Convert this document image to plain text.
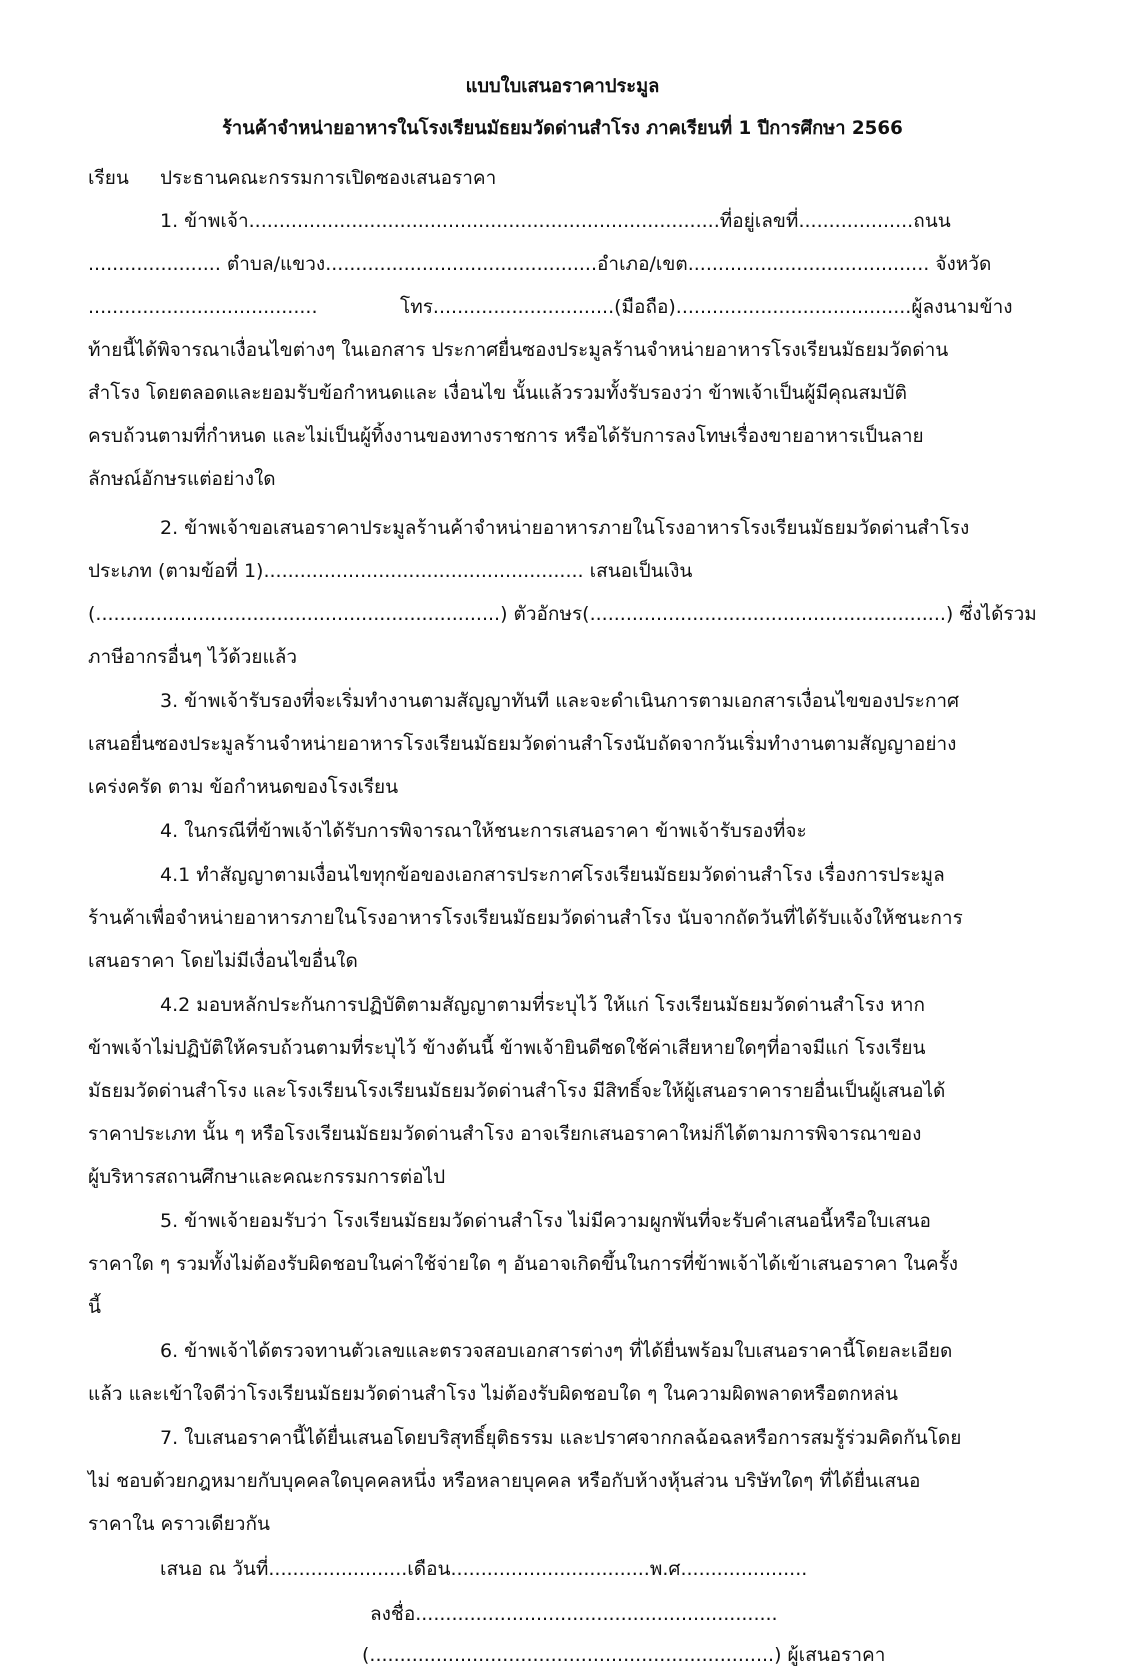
แบบใบเสนอราคาประมูล
ร้านค้าจำหน่ายอาหารในโรงเรียนมัธยมวัดด่านสำโรง ภาคเรียนที่ 1 ปีการศึกษา 2566
เรียน ประธานคณะกรรมการเปิดซองเสนอราคา
1. ข้าพเจ้า..............................................................................ที่อยู่เลขที่...................ถนน
...................... ตำบล/แขวง.............................................อำเภอ/เขต........................................ จังหวัด
......................................	โทร..............................(มือถือ).......................................ผู้ลงนามข้าง
ท้ายนี้ได้พิจารณาเงื่อนไขต่างๆ ในเอกสาร ประกาศยื่นซองประมูลร้านจำหน่ายอาหารโรงเรียนมัธยมวัดด่าน
สำโรง โดยตลอดและยอมรับข้อกำหนดและ เงื่อนไข นั้นแล้วรวมทั้งรับรองว่า ข้าพเจ้าเป็นผู้มีคุณสมบัติ
ครบถ้วนตามที่กำหนด และไม่เป็นผู้ทิ้งงานของทางราชการ หรือได้รับการลงโทษเรื่องขายอาหารเป็นลาย
ลักษณ์อักษรแต่อย่างใด
2. ข้าพเจ้าขอเสนอราคาประมูลร้านค้าจำหน่ายอาหารภายในโรงอาหารโรงเรียนมัธยมวัดด่านสำโรง
ประเภท (ตามข้อที่ 1)..................................................... เสนอเป็นเงิน
(...................................................................) ตัวอักษร(...........................................................) ซึ่งได้รวม
ภาษีอากรอื่นๆ ไว้ด้วยแล้ว
3. ข้าพเจ้ารับรองที่จะเริ่มทำงานตามสัญญาทันที และจะดำเนินการตามเอกสารเงื่อนไขของประกาศ
เสนอยื่นซองประมูลร้านจำหน่ายอาหารโรงเรียนมัธยมวัดด่านสำโรงนับถัดจากวันเริ่มทำงานตามสัญญาอย่าง
เคร่งครัด ตาม ข้อกำหนดของโรงเรียน
4. ในกรณีที่ข้าพเจ้าได้รับการพิจารณาให้ชนะการเสนอราคา ข้าพเจ้ารับรองที่จะ
4.1 ทำสัญญาตามเงื่อนไขทุกข้อของเอกสารประกาศโรงเรียนมัธยมวัดด่านสำโรง เรื่องการประมูล
ร้านค้าเพื่อจำหน่ายอาหารภายในโรงอาหารโรงเรียนมัธยมวัดด่านสำโรง นับจากถัดวันที่ได้รับแจ้งให้ชนะการ
เสนอราคา โดยไม่มีเงื่อนไขอื่นใด
4.2 มอบหลักประกันการปฏิบัติตามสัญญาตามที่ระบุไว้ ให้แก่ โรงเรียนมัธยมวัดด่านสำโรง หาก
ข้าพเจ้าไม่ปฏิบัติให้ครบถ้วนตามที่ระบุไว้ ข้างต้นนี้ ข้าพเจ้ายินดีชดใช้ค่าเสียหายใดๆที่อาจมีแก่ โรงเรียน
มัธยมวัดด่านสำโรง และโรงเรียนโรงเรียนมัธยมวัดด่านสำโรง มีสิทธิ์จะให้ผู้เสนอราคารายอื่นเป็นผู้เสนอได้
ราคาประเภท นั้น ๆ หรือโรงเรียนมัธยมวัดด่านสำโรง อาจเรียกเสนอราคาใหม่ก็ได้ตามการพิจารณาของ
ผู้บริหารสถานศึกษาและคณะกรรมการต่อไป
5. ข้าพเจ้ายอมรับว่า โรงเรียนมัธยมวัดด่านสำโรง ไม่มีความผูกพันที่จะรับคำเสนอนี้หรือใบเสนอ
ราคาใด ๆ รวมทั้งไม่ต้องรับผิดชอบในค่าใช้จ่ายใด ๆ อันอาจเกิดขึ้นในการที่ข้าพเจ้าได้เข้าเสนอราคา ในครั้ง
นี้
6. ข้าพเจ้าได้ตรวจทานตัวเลขและตรวจสอบเอกสารต่างๆ ที่ได้ยื่นพร้อมใบเสนอราคานี้โดยละเอียด
แล้ว และเข้าใจดีว่าโรงเรียนมัธยมวัดด่านสำโรง ไม่ต้องรับผิดชอบใด ๆ ในความผิดพลาดหรือตกหล่น
7. ใบเสนอราคานี้ได้ยื่นเสนอโดยบริสุทธิ์ยุติธรรม และปราศจากกลฉ้อฉลหรือการสมรู้ร่วมคิดกันโดย
ไม่ ชอบด้วยกฎหมายกับบุคคลใดบุคคลหนึ่ง หรือหลายบุคคล หรือกับห้างหุ้นส่วน บริษัทใดๆ ที่ได้ยื่นเสนอ
ราคาใน คราวเดียวกัน
เสนอ ณ วันที่.......................เดือน.................................พ.ศ.....................
ลงชื่อ............................................................
(...................................................................) ผู้เสนอราคา
